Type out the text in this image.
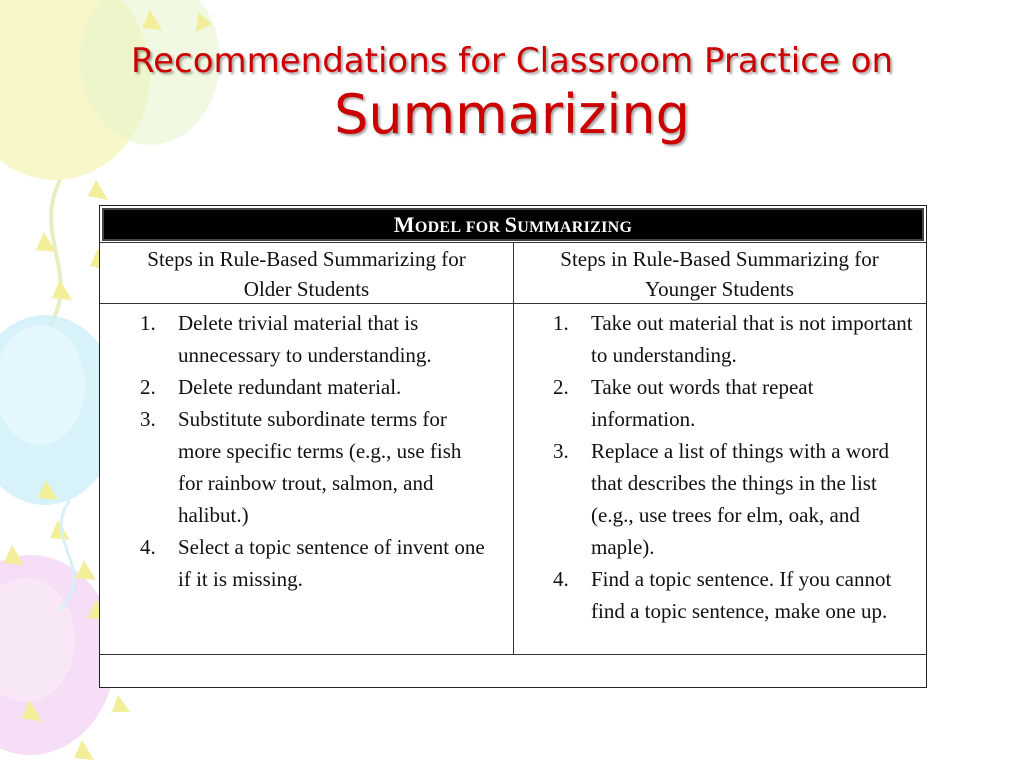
Recommendations for Classroom Practice on
Summarizing
MODEL FOR SUMMARIZING
Steps in Rule-Based Summarizing for
Older Students
Steps in Rule-Based Summarizing for
Younger Students
1. Delete trivial material that is unnecessary to understanding.
2. Delete redundant material.
3. Substitute subordinate terms for more specific terms (e.g., use fish for rainbow trout, salmon, and halibut.)
4. Select a topic sentence of invent one if it is missing.
1. Take out material that is not important to understanding.
2. Take out words that repeat information.
3. Replace a list of things with a word that describes the things in the list (e.g., use trees for elm, oak, and maple).
4. Find a topic sentence. If you cannot find a topic sentence, make one up.
